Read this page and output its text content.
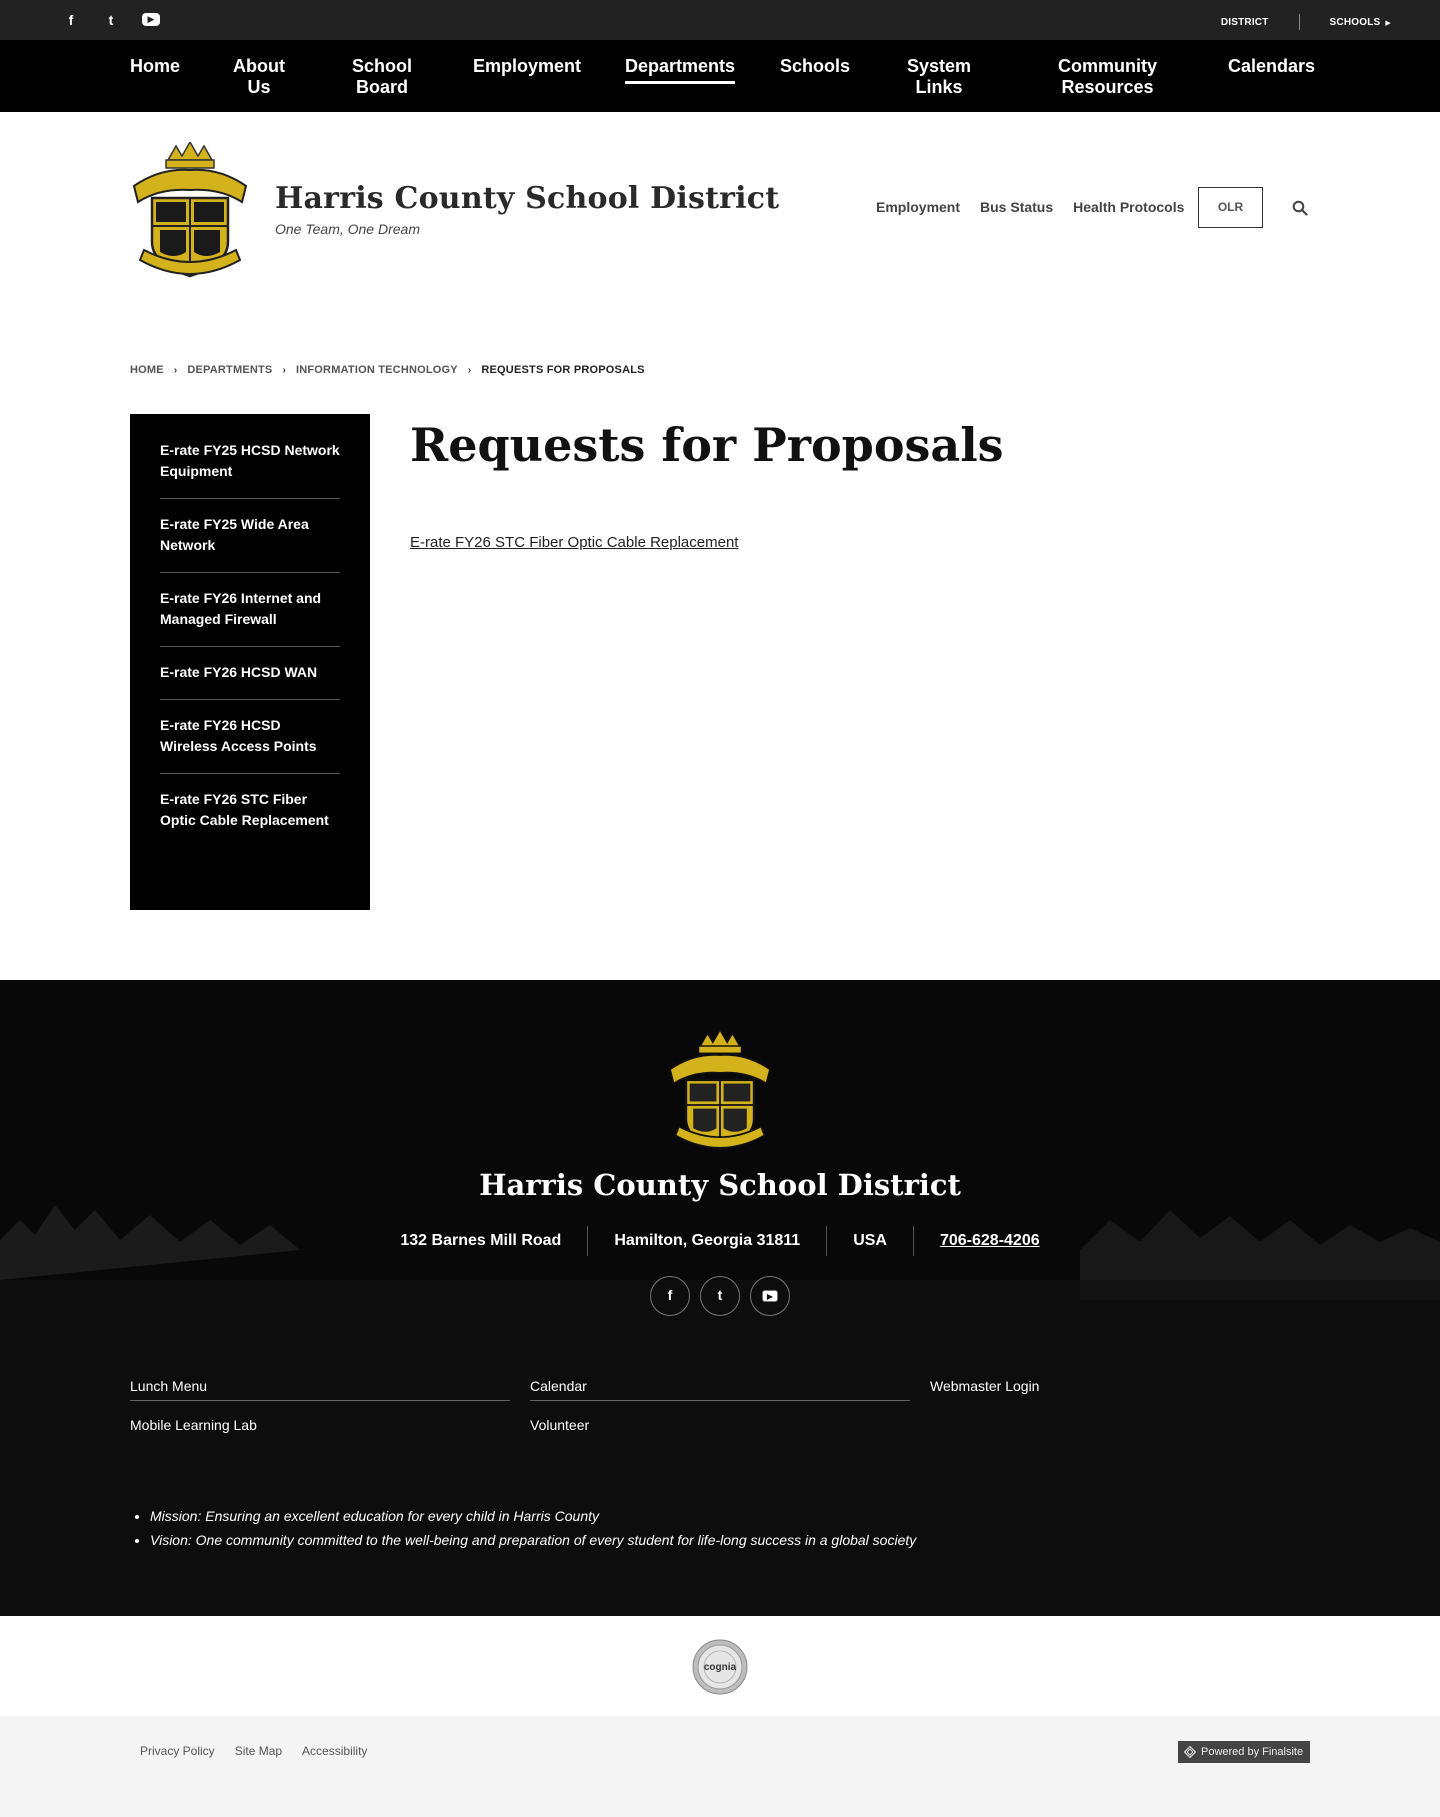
f	t	▶	DISTRICT	SCHOOLS ▶
Home	About
Us
School
Board
Employment Departments Schools	System
Links
Community
Resources
Calendars
Harris County School District
One Team, One Dream
Employment Bus Status Health Protocols	OLR
HOME › DEPARTMENTS › INFORMATION TECHNOLOGY › REQUESTS FOR PROPOSALS
E-rate FY25 HCSD Network Equipment
E-rate FY25 Wide Area Network
E-rate FY26 Internet and Managed Firewall
E-rate FY26 HCSD WAN
E-rate FY26 HCSD Wireless Access Points
E-rate FY26 STC Fiber Optic Cable Replacement
Requests for Proposals
E-rate FY26 STC Fiber Optic Cable Replacement
Harris County School District
132 Barnes Mill Road	Hamilton, Georgia 31811	USA	706-628-4206
f	t	▶
Lunch Menu
Mobile Learning Lab
Calendar
Volunteer
Webmaster Login
• Mission: Ensuring an excellent education for every child in Harris County
• Vision: One community committed to the well-being and preparation of every student for life-long success in a global society
cognia
Privacy Policy Site Map Accessibility	Powered by Finalsite
